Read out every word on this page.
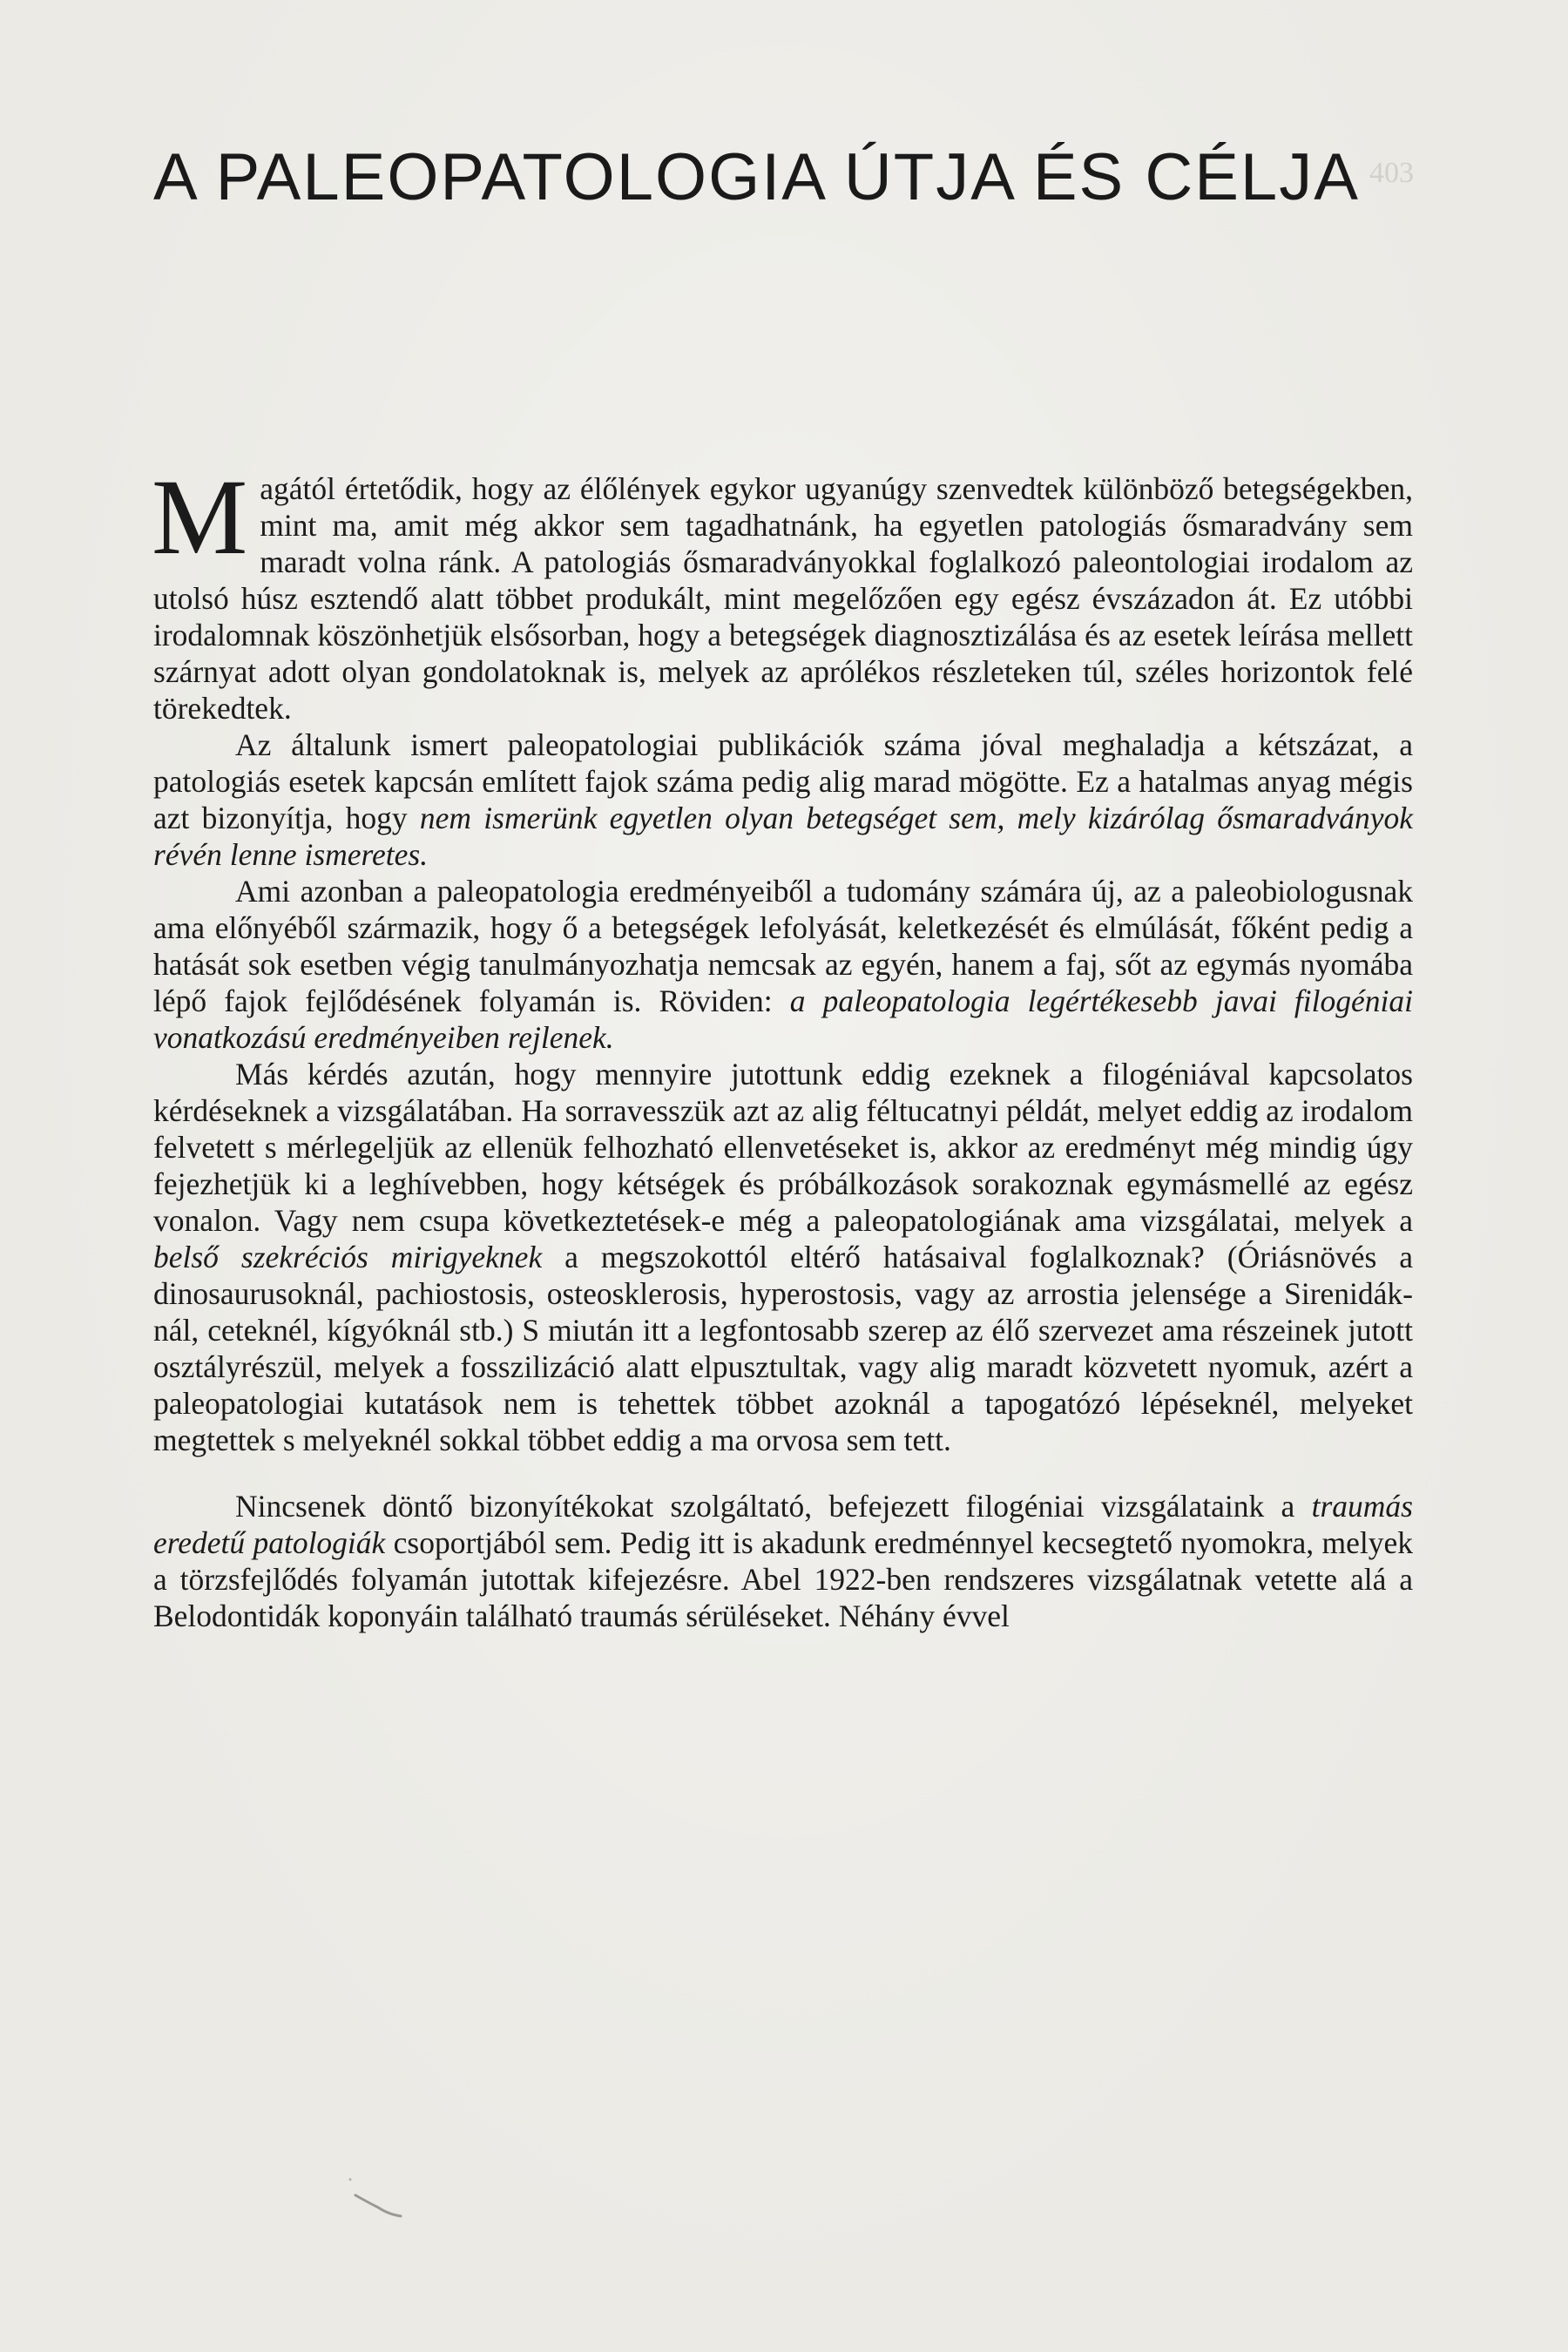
A PALEOPATOLOGIA ÚTJA ÉS CÉLJA 403

Magától értetődik, hogy az élőlények egykor ugyanúgy szenvedtek különböző betegségekben, mint ma, amit még akkor sem tagadhatnánk, ha egyetlen patologiás ősmaradvány sem maradt volna ránk. A patologiás ősmaradványokkal foglalkozó paleontologiai irodalom az utolsó húsz esztendő alatt többet produkált, mint megelőzően egy egész évszázadon át. Ez utóbbi irodalomnak köszönhetjük elsősorban, hogy a betegségek diagnosztizálása és az esetek leírása mellett szárnyat adott olyan gondolatoknak is, melyek az aprólékos részleteken túl, széles horizontok felé törekedtek.

Az általunk ismert paleopatologiai publikációk száma jóval meghaladja a kétszázat, a patologiás esetek kapcsán említett fajok száma pedig alig marad mögötte. Ez a hatalmas anyag mégis azt bizonyítja, hogy nem ismerünk egyetlen olyan betegséget sem, mely kizárólag ősmaradványok révén lenne ismeretes.

Ami azonban a paleopatologia eredményeiből a tudomány számára új, az a paleobiologusnak ama előnyéből származik, hogy ő a betegségek lefolyását, keletkezését és elmúlását, főként pedig a hatását sok esetben végig tanulmányozhatja nemcsak az egyén, hanem a faj, sőt az egymás nyomába lépő fajok fejlődésének folyamán is. Röviden: a paleopatologia legértékesebb javai filogéniai vonatkozású eredményeiben rejlenek.

Más kérdés azután, hogy mennyire jutottunk eddig ezeknek a filogéniával kapcsolatos kérdéseknek a vizsgálatában. Ha sorravesszük azt az alig féltucatnyi példát, melyet eddig az irodalom felvetett s mérlegeljük az ellenük felhozható ellenvetéseket is, akkor az eredményt még mindig úgy fejezhetjük ki a leghívebben, hogy kétségek és próbálkozások sorakoznak egymásmellé az egész vonalon. Vagy nem csupa következtetések-e még a paleopatologiának ama vizsgálatai, melyek a belső szekréciós mirigyeknek a megszokottól eltérő hatásaival foglalkoznak? (Óriásnövés a dinosaurusoknál, pachiostosis, osteosklerosis, hyperostosis, vagy az arrostia jelensége a Sirenidák-nál, ceteknél, kígyóknál stb.) S miután itt a legfontosabb szerep az élő szervezet ama részeinek jutott osztályrészül, melyek a fosszilizáció alatt elpusztultak, vagy alig maradt közvetett nyomuk, azért a paleopatologiai kutatások nem is tehettek többet azoknál a tapogatózó lépéseknél, melyeket megtettek s melyeknél sokkal többet eddig a ma orvosa sem tett.

Nincsenek döntő bizonyítékokat szolgáltató, befejezett filogéniai vizsgálataink a traumás eredetű patologiák csoportjából sem. Pedig itt is akadunk eredménnyel kecsegtető nyomokra, melyek a törzsfejlődés folyamán jutottak kifejezésre. Abel 1922-ben rendszeres vizsgálatnak vetette alá a Belodontidák koponyáin található traumás sérüléseket. Néhány évvel
